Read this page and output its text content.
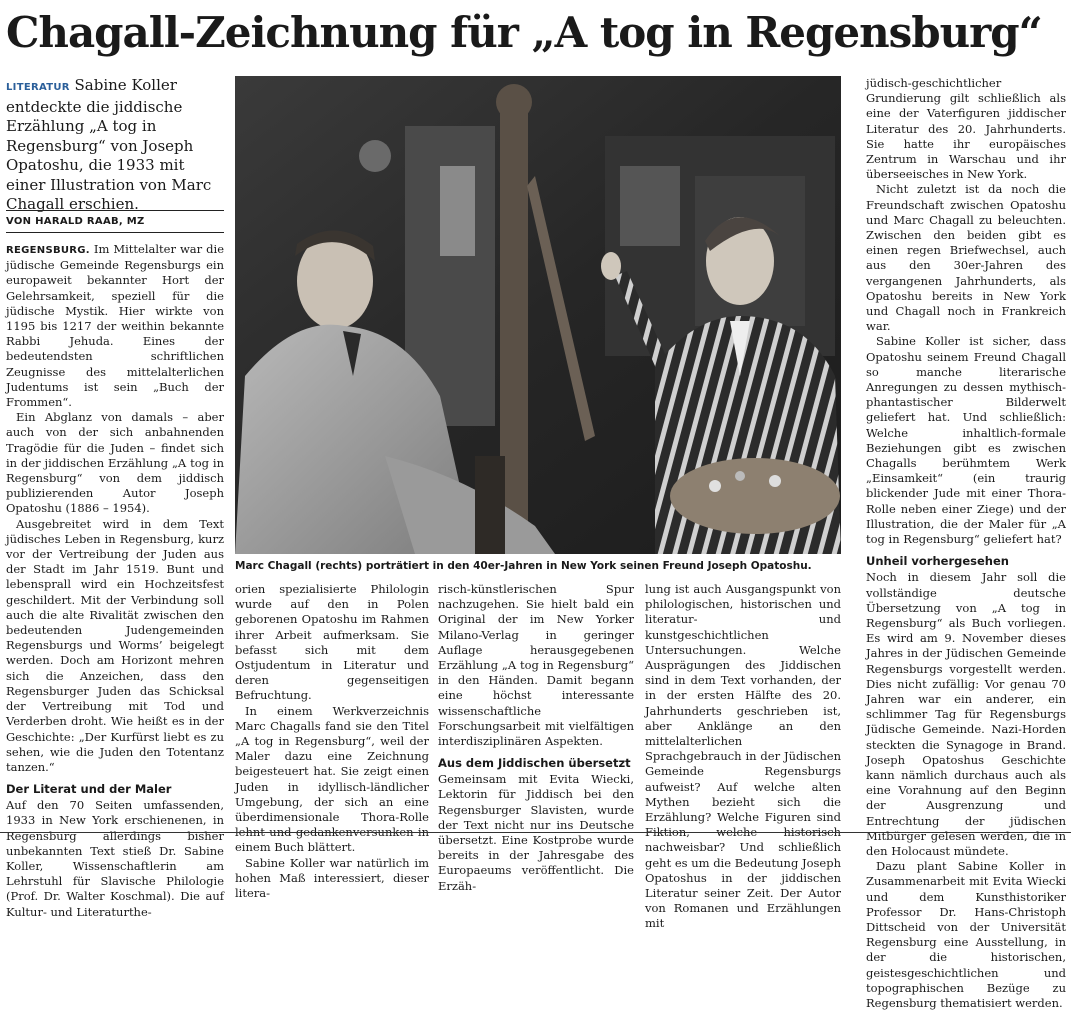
Chagall-Zeichnung für „A tog in Regensburg“
LITERATUR Sabine Koller entdeckte die jiddische Erzählung „A tog in Regensburg“ von Joseph Opatoshu, die 1933 mit einer Illustration von Marc Chagall erschien.
VON HARALD RAAB, MZ

REGENSBURG. Im Mittelalter war die jüdische Gemeinde Regensburgs ein europaweit bekannter Hort der Gelehrsamkeit, speziell für die jüdische Mystik. Hier wirkte von 1195 bis 1217 der weithin bekannte Rabbi Jehuda. Eines der bedeutendsten schriftlichen Zeugnisse des mittelalterlichen Judentums ist sein „Buch der Frommen“.

Ein Abglanz von damals – aber auch von der sich anbahnenden Tragödie für die Juden – findet sich in der jiddischen Erzählung „A tog in Regensburg“ von dem jiddisch publizierenden Autor Joseph Opatoshu (1886 – 1954).

Ausgebreitet wird in dem Text jüdisches Leben in Regensburg, kurz vor der Vertreibung der Juden aus der Stadt im Jahr 1519. Bunt und lebensprall wird ein Hochzeitsfest geschildert. Mit der Verbindung soll auch die alte Rivalität zwischen den bedeutenden Judengemeinden Regensburgs und Worms’ beigelegt werden. Doch am Horizont mehren sich die Anzeichen, dass den Regensburger Juden das Schicksal der Vertreibung mit Tod und Verderben droht. Wie heißt es in der Geschichte: „Der Kurfürst liebt es zu sehen, wie die Juden den Totentanz tanzen.“

Der Literat und der Maler

Auf den 70 Seiten umfassenden, 1933 in New York erschienenen, in Regensburg allerdings bisher unbekannten Text stieß Dr. Sabine Koller, Wissenschaftlerin am Lehrstuhl für Slavische Philologie (Prof. Dr. Walter Koschmal). Die auf Kultur- und Literaturthe-

Marc Chagall (rechts) porträtiert in den 40er-Jahren in New York seinen Freund Joseph Opatoshu.

orien spezialisierte Philologin wurde auf den in Polen geborenen Opatoshu im Rahmen ihrer Arbeit aufmerksam. Sie befasst sich mit dem Ostjudentum in Literatur und deren gegenseitigen Befruchtung.

In einem Werkverzeichnis Marc Chagalls fand sie den Titel „A tog in Regensburg“, weil der Maler dazu eine Zeichnung beigesteuert hat. Sie zeigt einen Juden in idyllisch-ländlicher Umgebung, der sich an eine überdimensionale Thora-Rolle lehnt und gedankenversunken in einem Buch blättert.

Sabine Koller war natürlich im hohen Maß interessiert, dieser litera-

risch-künstlerischen Spur nachzugehen. Sie hielt bald ein Original der im New Yorker Milano-Verlag in geringer Auflage herausgegebenen Erzählung „A tog in Regensburg“ in den Händen. Damit begann eine höchst interessante wissenschaftliche Forschungsarbeit mit vielfältigen interdisziplinären Aspekten.

Aus dem Jiddischen übersetzt

Gemeinsam mit Evita Wiecki, Lektorin für Jiddisch bei den Regensburger Slavisten, wurde der Text nicht nur ins Deutsche übersetzt. Eine Kostprobe wurde bereits in der Jahresgabe des Europaeums veröffentlicht. Die Erzäh-

lung ist auch Ausgangspunkt von philologischen, historischen und literatur- und kunstgeschichtlichen Untersuchungen. Welche Ausprägungen des Jiddischen sind in dem Text vorhanden, der in der ersten Hälfte des 20. Jahrhunderts geschrieben ist, aber Anklänge an den mittelalterlichen Sprachgebrauch in der Jüdischen Gemeinde Regensburgs aufweist? Auf welche alten Mythen bezieht sich die Erzählung? Welche Figuren sind Fiktion, welche historisch nachweisbar? Und schließlich geht es um die Bedeutung Joseph Opatoshus in der jiddischen Literatur seiner Zeit. Der Autor von Romanen und Erzählungen mit

jüdisch-geschichtlicher Grundierung gilt schließlich als eine der Vaterfiguren jiddischer Literatur des 20. Jahrhunderts. Sie hatte ihr europäisches Zentrum in Warschau und ihr überseeisches in New York.

Nicht zuletzt ist da noch die Freundschaft zwischen Opatoshu und Marc Chagall zu beleuchten. Zwischen den beiden gibt es einen regen Briefwechsel, auch aus den 30er-Jahren des vergangenen Jahrhunderts, als Opatoshu bereits in New York und Chagall noch in Frankreich war.

Sabine Koller ist sicher, dass Opatoshu seinem Freund Chagall so manche literarische Anregungen zu dessen mythisch-phantastischer Bilderwelt geliefert hat. Und schließlich: Welche inhaltlich-formale Beziehungen gibt es zwischen Chagalls berühmtem Werk „Einsamkeit“ (ein traurig blickender Jude mit einer Thora-Rolle neben einer Ziege) und der Illustration, die der Maler für „A tog in Regensburg“ geliefert hat?

Unheil vorhergesehen

Noch in diesem Jahr soll die vollständige deutsche Übersetzung von „A tog in Regensburg“ als Buch vorliegen. Es wird am 9. November dieses Jahres in der Jüdischen Gemeinde Regensburgs vorgestellt werden. Dies nicht zufällig: Vor genau 70 Jahren war ein anderer, ein schlimmer Tag für Regensburgs Jüdische Gemeinde. Nazi-Horden steckten die Synagoge in Brand. Joseph Opatoshus Geschichte kann nämlich durchaus auch als eine Vorahnung auf den Beginn der Ausgrenzung und Entrechtung der jüdischen Mitbürger gelesen werden, die in den Holocaust mündete.

Dazu plant Sabine Koller in Zusammenarbeit mit Evita Wiecki und dem Kunsthistoriker Professor Dr. Hans-Christoph Dittscheid von der Universität Regensburg eine Ausstellung, in der die historischen, geistesgeschichtlichen und topographischen Bezüge zu Regensburg thematisiert werden.
